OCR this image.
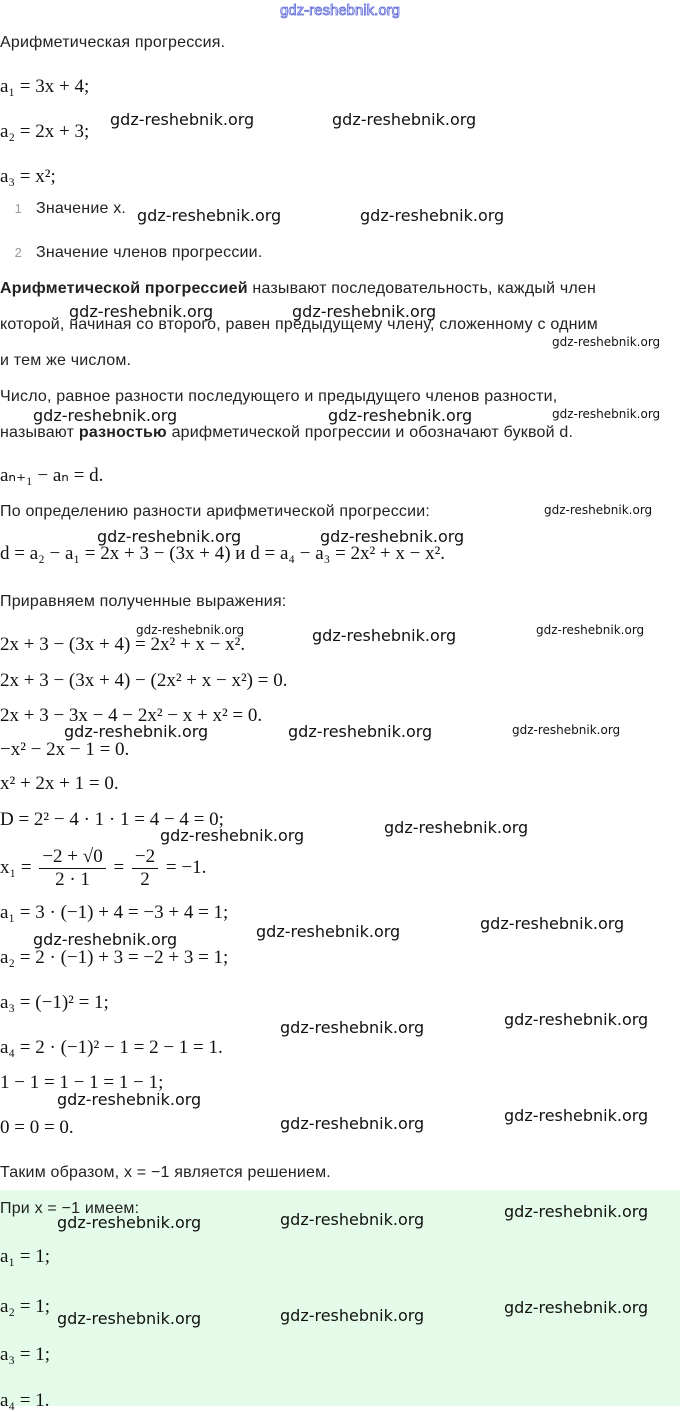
gdz-reshebnik.org
Арифметическая прогрессия.
a₁ = 3x + 4;
a₂ = 2x + 3;
a₃ = x²;
1 Значение x.
2 Значение членов прогрессии.
Арифметической прогрессией называют последовательность, каждый член
которой, начиная со второго, равен предыдущему члену, сложенному с одним
и тем же числом.
Число, равное разности последующего и предыдущего членов разности,
называют разностью арифметической прогрессии и обозначают буквой d.
aₙ₊₁ − aₙ = d.
По определению разности арифметической прогрессии:
d = a₂ − a₁ = 2x + 3 − (3x + 4) и d = a₄ − a₃ = 2x² + x − x².
Приравняем полученные выражения:
2x + 3 − (3x + 4) = 2x² + x − x².
2x + 3 − (3x + 4) − (2x² + x − x²) = 0.
2x + 3 − 3x − 4 − 2x² − x + x² = 0.
−x² − 2x − 1 = 0.
x² + 2x + 1 = 0.
D = 2² − 4 · 1 · 1 = 4 − 4 = 0;
$x_1 = \frac{-2 + √0}{2 \cdot 1} = \frac{-2}{2} = -1$.
a₁ = 3 · (−1) + 4 = −3 + 4 = 1;
a₂ = 2 · (−1) + 3 = −2 + 3 = 1;
a₃ = (−1)² = 1;
a₄ = 2 · (−1)² − 1 = 2 − 1 = 1.
1 − 1 = 1 − 1 = 1 − 1;
0 = 0 = 0.
Таким образом, x = −1 является решением.
При x = −1 имеем:
a₁ = 1;
a₂ = 1;
a₃ = 1;
a₄ = 1.
gdz-reshebnik.org	gdz-reshebnik.org
gdz-reshebnik.org	gdz-reshebnik.org
gdz-reshebnik.org	gdz-reshebnik.org
gdz-reshebnik.org
gdz-reshebnik.org	gdz-reshebnik.org	gdz-reshebnik.org
gdz-reshebnik.org
gdz-reshebnik.org	gdz-reshebnik.org
gdz-reshebnik.org	gdz-reshebnik.org	gdz-reshebnik.org
gdz-reshebnik.org	gdz-reshebnik.org	gdz-reshebnik.org
gdz-reshebnik.org	gdz-reshebnik.org
gdz-reshebnik.org
gdz-reshebnik.org	gdz-reshebnik.org
gdz-reshebnik.org	gdz-reshebnik.org
gdz-reshebnik.org
gdz-reshebnik.org	gdz-reshebnik.org
gdz-reshebnik.org	gdz-reshebnik.org	gdz-reshebnik.org
gdz-reshebnik.org	gdz-reshebnik.org	gdz-reshebnik.org
